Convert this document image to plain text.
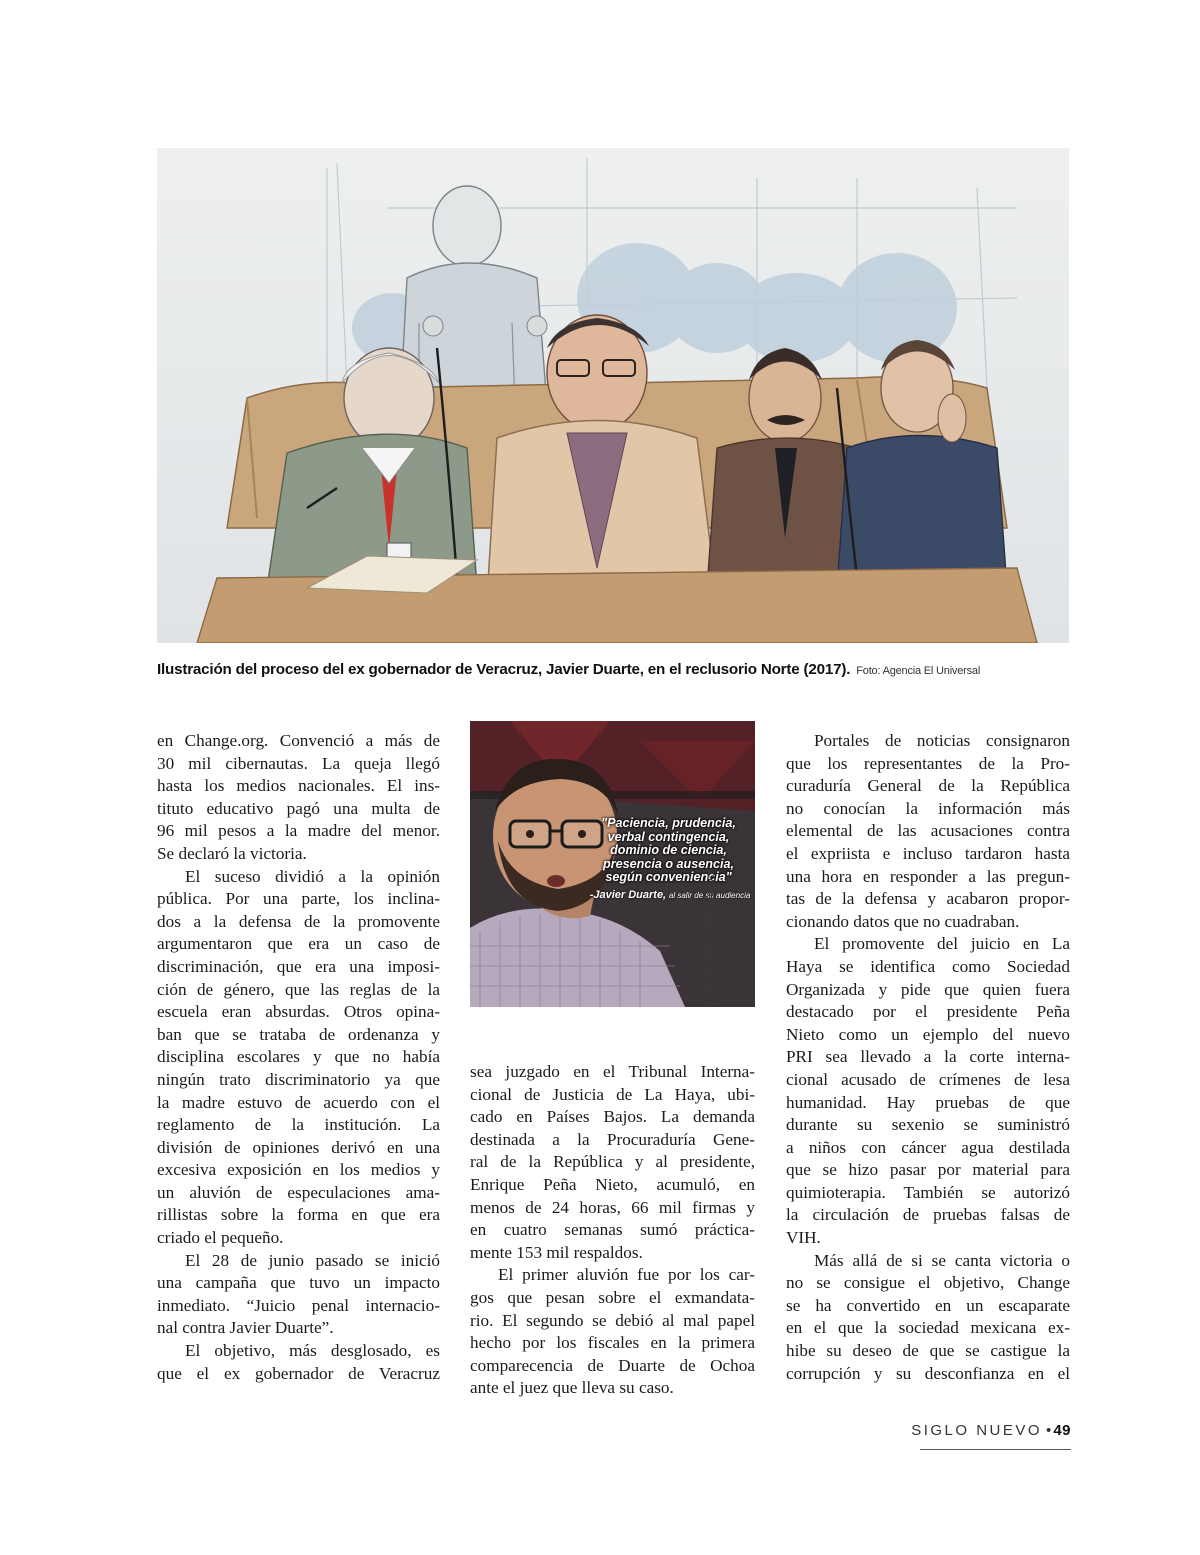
Ilustración del proceso del ex gobernador de Veracruz, Javier Duarte, en el reclusorio Norte (2017). Foto: Agencia El Universal
en Change.org. Convenció a más de
30 mil cibernautas. La queja llegó
hasta los medios nacionales. El ins-
tituto educativo pagó una multa de
96 mil pesos a la madre del menor.
Se declaró la victoria.
El suceso dividió a la opinión
pública. Por una parte, los inclina-
dos a la defensa de la promovente
argumentaron que era un caso de
discriminación, que era una imposi-
ción de género, que las reglas de la
escuela eran absurdas. Otros opina-
ban que se trataba de ordenanza y
disciplina escolares y que no había
ningún trato discriminatorio ya que
la madre estuvo de acuerdo con el
reglamento de la institución. La
división de opiniones derivó en una
excesiva exposición en los medios y
un aluvión de especulaciones ama-
rillistas sobre la forma en que era
criado el pequeño.
El 28 de junio pasado se inició
una campaña que tuvo un impacto
inmediato. “Juicio penal internacio-
nal contra Javier Duarte”.
El objetivo, más desglosado, es
que el ex gobernador de Veracruz
"Paciencia, prudencia, verbal contingencia, dominio de ciencia, presencia o ausencia, según conveniencia"
-Javier Duarte, al salir de su audiencia
Foto: Archivo Siglo Nuevo
sea juzgado en el Tribunal Interna-
cional de Justicia de La Haya, ubi-
cado en Países Bajos. La demanda
destinada a la Procuraduría Gene-
ral de la República y al presidente,
Enrique Peña Nieto, acumuló, en
menos de 24 horas, 66 mil firmas y
en cuatro semanas sumó práctica-
mente 153 mil respaldos.
El primer aluvión fue por los car-
gos que pesan sobre el exmandata-
rio. El segundo se debió al mal papel
hecho por los fiscales en la primera
comparecencia de Duarte de Ochoa
ante el juez que lleva su caso.
Portales de noticias consignaron
que los representantes de la Pro-
curaduría General de la República
no conocían la información más
elemental de las acusaciones contra
el expriista e incluso tardaron hasta
una hora en responder a las pregun-
tas de la defensa y acabaron propor-
cionando datos que no cuadraban.
El promovente del juicio en La
Haya se identifica como Sociedad
Organizada y pide que quien fuera
destacado por el presidente Peña
Nieto como un ejemplo del nuevo
PRI sea llevado a la corte interna-
cional acusado de crímenes de lesa
humanidad. Hay pruebas de que
durante su sexenio se suministró
a niños con cáncer agua destilada
que se hizo pasar por material para
quimioterapia. También se autorizó
la circulación de pruebas falsas de
VIH.
Más allá de si se canta victoria o
no se consigue el objetivo, Change
se ha convertido en un escaparate
en el que la sociedad mexicana ex-
hibe su deseo de que se castigue la
corrupción y su desconfianza en el
SIGLO NUEVO • 49
